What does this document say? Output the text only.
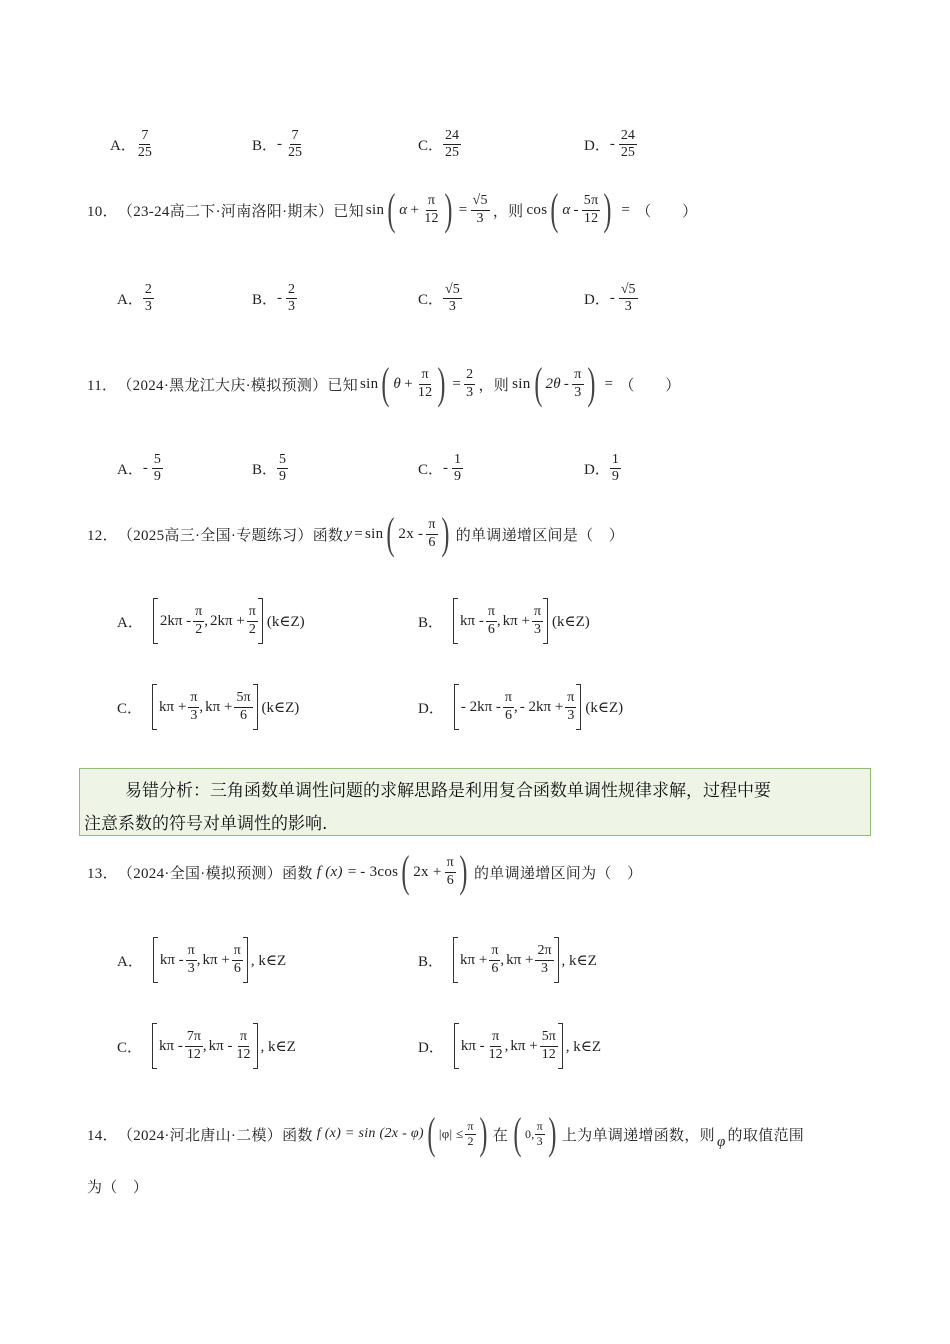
A． $\frac{7}{25}$	B． - $\frac{7}{25}$	C． $\frac{24}{25}$	D． - $\frac{24}{25}$
10． （23-24高二下·河南洛阳·期末）已知 sin ( $\alpha + \frac{\pi}{12}$ ) = $\frac{√5}{3}$ ，则 cos ( α - $\frac{5\pi}{12}$ ) = （　　）
A． $\frac{2}{3}$	B． - $\frac{2}{3}$	C． $\frac{√5}{3}$	D． - $\frac{√5}{3}$
11． （2024·黑龙江大庆·模拟预测）已知 sin ( $\theta + \frac{\pi}{12}$ ) = $\frac{2}{3}$ ，则 sin ( $2\theta - \frac{\pi}{3}$ ) = （　　）
A． - $\frac{5}{9}$	B． $\frac{5}{9}$	C． - $\frac{1}{9}$	D． $\frac{1}{9}$
12． （2025高三·全国·专题练习）函数 y = sin ( $2x - \frac{\pi}{6}$ ) 的单调递增区间是（　）
A． $2k\pi - \frac{\pi}{2}$ , $2k\pi + \frac{\pi}{2}$ (k∈Z)	B． kπ - $\frac{\pi}{6}$ , $k\pi + \frac{\pi}{3}$ (k∈Z)
C． $k\pi + \frac{\pi}{3}$ , $k\pi + \frac{5\pi}{6}$ (k∈Z)	D． - $2k\pi - \frac{\pi}{6}$ , - $2k\pi + \frac{\pi}{3}$ (k∈Z)
易错分析：三角函数单调性问题的求解思路是利用复合函数单调性规律求解，过程中要
注意系数的符号对单调性的影响.
13． （2024·全国·模拟预测）函数 f (x) = - 3cos ( $2x + \frac{\pi}{6}$ ) 的单调递增区间为（　）
A． kπ - $\frac{\pi}{3}$ , $k\pi + \frac{\pi}{6}$ , k∈Z	B． $k\pi + \frac{\pi}{6}$ , $k\pi + \frac{2\pi}{3}$ , k∈Z
C． kπ - $\frac{7\pi}{12}$ , kπ - $\frac{\pi}{12}$ , k∈Z	D． kπ - $\frac{\pi}{12}$ , $k\pi + \frac{5\pi}{12}$ , k∈Z
14． （2024·河北唐山·二模）函数 f (x) = sin (2x - φ) ( $|\varphi| \le \frac{\pi}{2}$ ) 在 ( 0, $\frac{\pi}{3}$ ) 上为单调递增函数，则 φ 的取值范围
为（　）
